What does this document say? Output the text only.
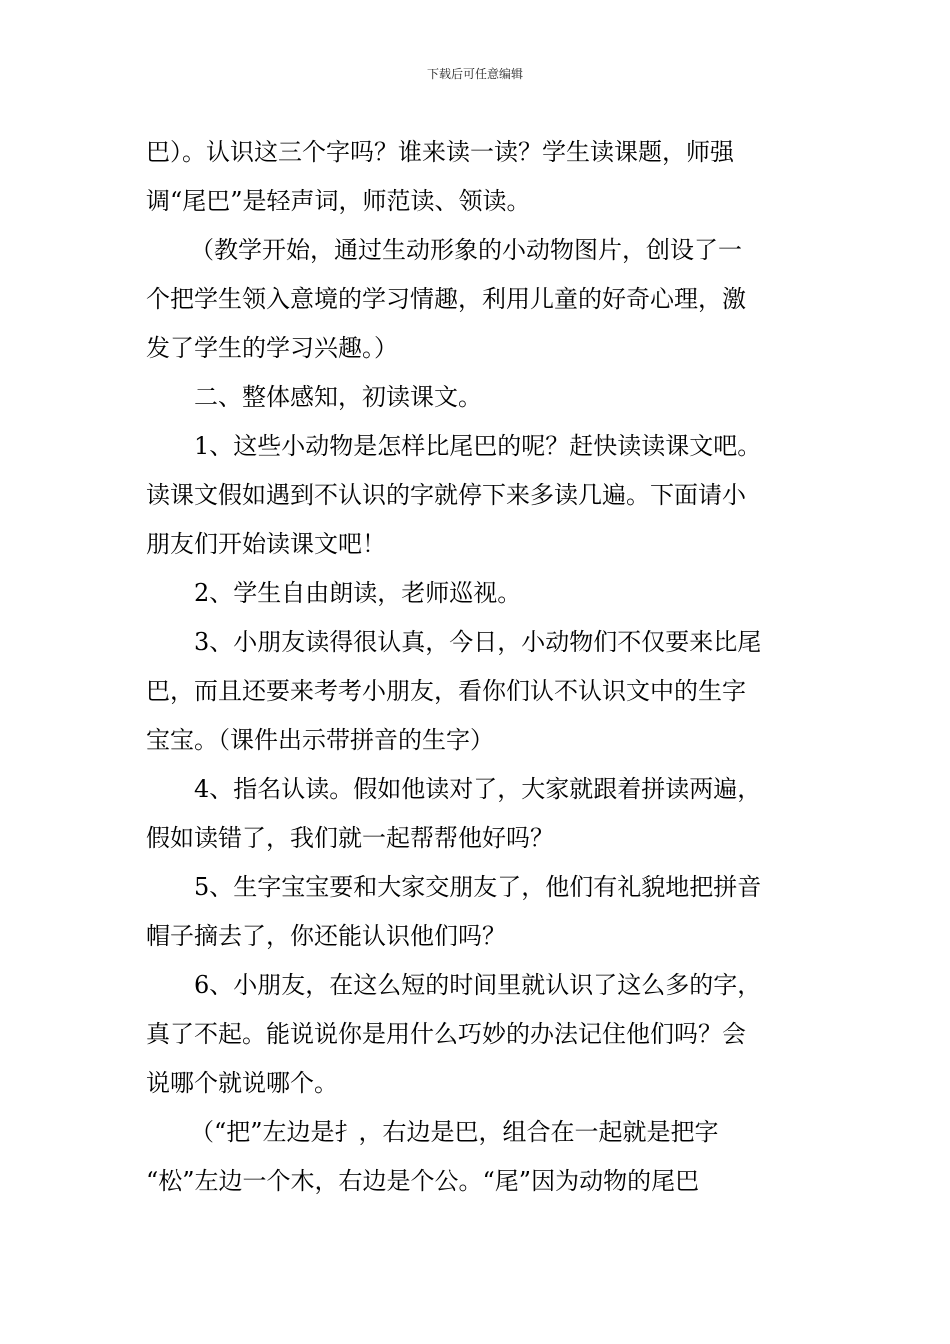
下载后可任意编辑
巴）。认识这三个字吗？谁来读一读？学生读课题，师强
调“尾巴”是轻声词，师范读、领读。
（教学开始，通过生动形象的小动物图片，创设了一
个把学生领入意境的学习情趣，利用儿童的好奇心理，激
发了学生的学习兴趣。）
二、整体感知，初读课文。
1、这些小动物是怎样比尾巴的呢？赶快读读课文吧。
读课文假如遇到不认识的字就停下来多读几遍。下面请小
朋友们开始读课文吧！
2、学生自由朗读，老师巡视。
3、小朋友读得很认真，今日，小动物们不仅要来比尾
巴，而且还要来考考小朋友，看你们认不认识文中的生字
宝宝。（课件出示带拼音的生字）
4、指名认读。假如他读对了，大家就跟着拼读两遍，
假如读错了，我们就一起帮帮他好吗？
5、生字宝宝要和大家交朋友了，他们有礼貌地把拼音
帽子摘去了，你还能认识他们吗？
6、小朋友，在这么短的时间里就认识了这么多的字，
真了不起。能说说你是用什么巧妙的办法记住他们吗？会
说哪个就说哪个。
（“把”左边是扌，右边是巴，组合在一起就是把字
“松”左边一个木，右边是个公。“尾”因为动物的尾巴
